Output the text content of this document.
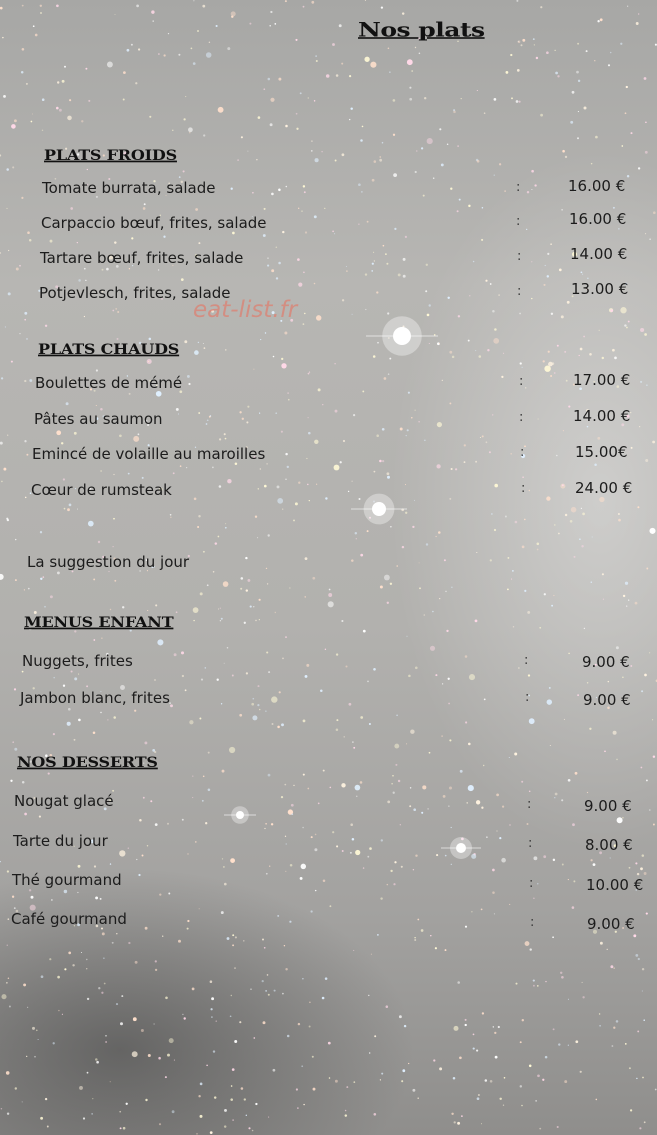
Nos plats
eat-list.fr
PLATS FROIDS
Tomate burrata, salade	:	16.00 €
Carpaccio bœuf, frites, salade	:	16.00 €
Tartare bœuf, frites, salade	:	14.00 €
Potjevlesch, frites, salade	:	13.00 €
PLATS CHAUDS
Boulettes de mémé	:	17.00 €
Pâtes au saumon	:	14.00 €
Emincé de volaille au maroilles	:	15.00€
Cœur de rumsteak	:	24.00 €
La suggestion du jour
MENUS ENFANT
Nuggets, frites	:	9.00 €
Jambon blanc, frites	:	9.00 €
NOS DESSERTS
Nougat glacé	:	9.00 €
Tarte du jour	:	8.00 €
Thé gourmand	:	10.00 €
Café gourmand	:	9.00 €
